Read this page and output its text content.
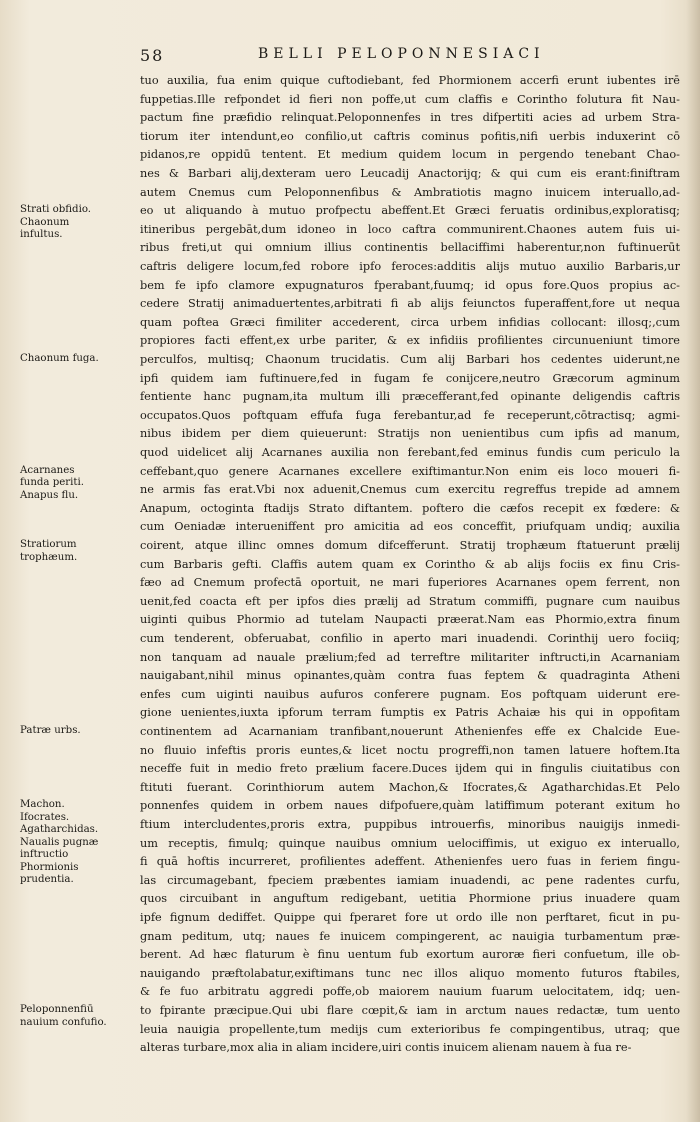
58	BELLI PELOPONNESIACI
tuo auxilia, fua enim quique cuftodiebant, fed Phormionem accerfi erunt iubentes irē
fuppetias.Ille refpondet id fieri non poffe,ut cum claffis e Corintho folutura fit Nau-
pactum fine præfidio relinquat.Peloponnenfes in tres difpertiti acies ad urbem Stra-
tiorum iter intendunt,eo confilio,ut caftris cominus pofitis,nifi uerbis induxerint cō
pidanos,re oppidū tentent. Et medium quidem locum in pergendo tenebant Chao-
nes & Barbari alij,dexteram uero Leucadij Anactorijq; & qui cum eis erant:finiftram
autem Cnemus cum Peloponnenfibus & Ambratiotis magno inuicem interuallo,ad-
eo ut aliquando à mutuo profpectu abeffent.Et Græci feruatis ordinibus,exploratisq;
itineribus pergebāt,dum idoneo in loco caftra communirent.Chaones autem fuis ui-
ribus freti,ut qui omnium illius continentis bellaciffimi haberentur,non fuftinuerūt
caftris deligere locum,fed robore ipfo feroces:additis alijs mutuo auxilio Barbaris,ur
bem fe ipfo clamore expugnaturos fperabant,fuumq; id opus fore.Quos propius ac-
cedere Stratij animaduertentes,arbitrati fi ab alijs feiunctos fuperaffent,fore ut nequa
quam poftea Græci fimiliter accederent, circa urbem infidias collocant: illosq;,cum
propiores facti effent,ex urbe pariter, & ex infidiis profilientes circunueniunt timore
perculfos, multisq; Chaonum trucidatis. Cum alij Barbari hos cedentes uiderunt,ne
ipfi quidem iam fuftinuere,fed in fugam fe conijcere,neutro Græcorum agminum
fentiente hanc pugnam,ita multum illi præcefferant,fed opinante deligendis caftris
occupatos.Quos poftquam effufa fuga ferebantur,ad fe receperunt,cōtractisq; agmi-
nibus ibidem per diem quieuerunt: Stratijs non uenientibus cum ipfis ad manum,
quod uidelicet alij Acarnanes auxilia non ferebant,fed eminus fundis cum periculo la
ceffebant,quo genere Acarnanes excellere exiftimantur.Non enim eis loco moueri fi-
ne armis fas erat.Vbi nox aduenit,Cnemus cum exercitu regreffus trepide ad amnem
Anapum, octoginta ftadijs Strato diftantem. poftero die cæfos recepit ex fœdere: &
cum Oeniadæ interueniffent pro amicitia ad eos conceffit, priufquam undiq; auxilia
coirent, atque illinc omnes domum difcefferunt. Stratij trophæum ftatuerunt prælij
cum Barbaris gefti. Claffis autem quam ex Corintho & ab alijs fociis ex finu Cris-
fæo ad Cnemum profectā oportuit, ne mari fuperiores Acarnanes opem ferrent, non
uenit,fed coacta eft per ipfos dies prælij ad Stratum commiffi, pugnare cum nauibus
uiginti quibus Phormio ad tutelam Naupacti præerat.Nam eas Phormio,extra finum
cum tenderent, obferuabat, confilio in aperto mari inuadendi. Corinthij uero fociiq;
non tanquam ad nauale prælium;fed ad terreftre militariter inftructi,in Acarnaniam
nauigabant,nihil minus opinantes,quàm contra fuas feptem & quadraginta Atheni
enfes cum uiginti nauibus aufuros conferere pugnam. Eos poftquam uiderunt ere-
gione uenientes,iuxta ipforum terram fumptis ex Patris Achaiæ his qui in oppofitam
continentem ad Acarnaniam tranfibant,nouerunt Athenienfes effe ex Chalcide Eue-
no fluuio infeftis proris euntes,& licet noctu progreffi,non tamen latuere hoftem.Ita
neceffe fuit in medio freto prælium facere.Duces ijdem qui in fingulis ciuitatibus con
ftituti fuerant. Corinthiorum autem Machon,& Ifocrates,& Agatharchidas.Et Pelo
ponnenfes quidem in orbem naues difpofuere,quàm latiffimum poterant exitum ho
ftium intercludentes,proris extra, puppibus introuerfis, minoribus nauigijs inmedi-
um receptis, fimulq; quinque nauibus omnium uelociffimis, ut exiguo ex interuallo,
fi quā hoftis incurreret, profilientes adeffent. Athenienfes uero fuas in feriem fingu-
las circumagebant, fpeciem præbentes iamiam inuadendi, ac pene radentes curfu,
quos circuibant in anguftum redigebant, uetitia Phormione prius inuadere quam
ipfe fignum dediffet. Quippe qui fperaret fore ut ordo ille non perftaret, ficut in pu-
gnam peditum, utq; naues fe inuicem compingerent, ac nauigia turbamentum præ-
berent. Ad hæc flaturum è finu uentum fub exortum auroræ fieri confuetum, ille ob-
nauigando præftolabatur,exiftimans tunc nec illos aliquo momento futuros ftabiles,
& fe fuo arbitratu aggredi poffe,ob maiorem nauium fuarum uelocitatem, idq; uen-
to fpirante præcipue.Qui ubi flare cœpit,& iam in arctum naues redactæ, tum uento
leuia nauigia propellente,tum medijs cum exterioribus fe compingentibus, utraq; que
alteras turbare,mox alia in aliam incidere,uiri contis inuicem alienam nauem à fua re-
Strati obfidio.
Chaonum
infultus.
Chaonum fuga.
Acarnanes
funda periti.
Anapus flu.
Stratiorum
trophæum.
Patræ urbs.
Machon.
Ifocrates.
Agatharchidas.
Naualis pugnæ
inftructio
Phormionis
prudentia.
Peloponnenfiū
nauium confufio.
